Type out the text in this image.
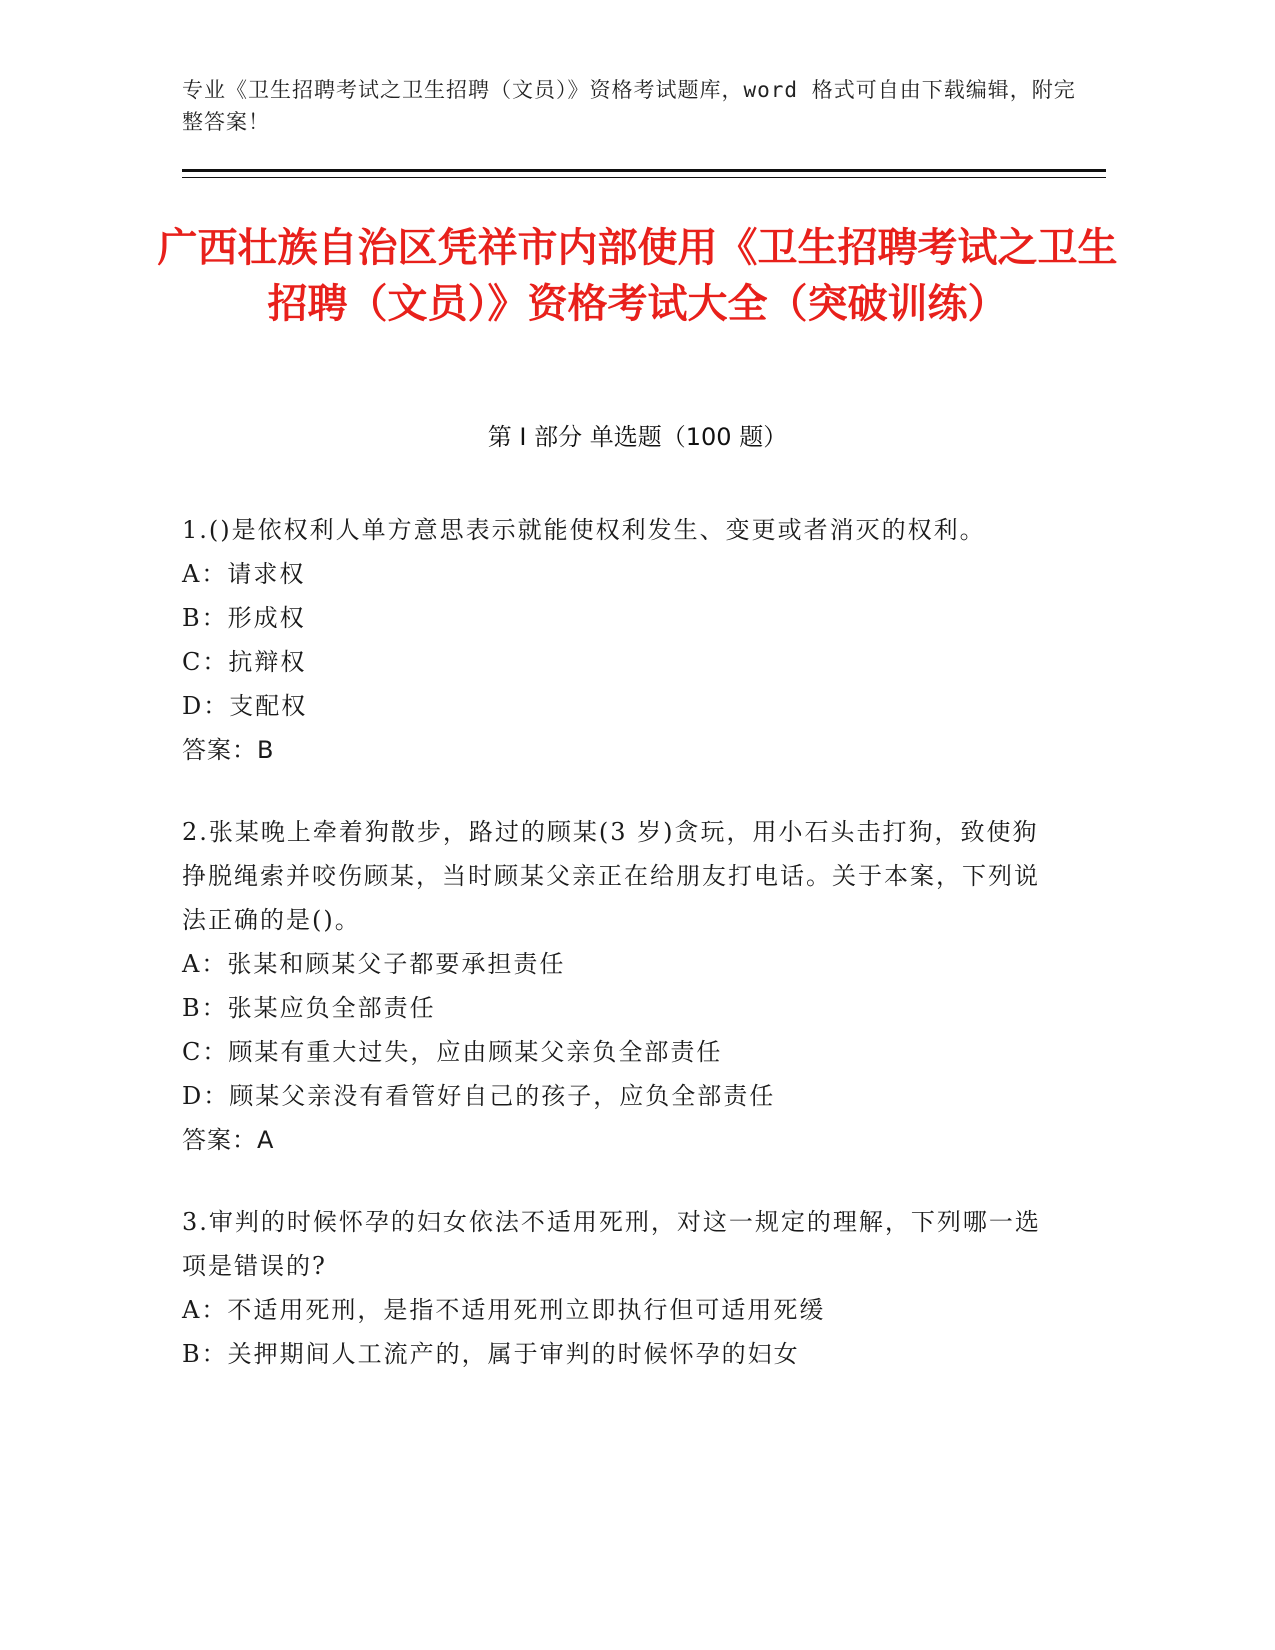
专业《卫生招聘考试之卫生招聘（文员）》资格考试题库，word 格式可自由下载编辑，附完整答案！
广西壮族自治区凭祥市内部使用《卫生招聘考试之卫生招聘（文员）》资格考试大全（突破训练）
第 I 部分 单选题（100 题）
1.()是依权利人单方意思表示就能使权利发生、变更或者消灭的权利。
A：请求权
B：形成权
C：抗辩权
D：支配权
答案：B
2.张某晚上牵着狗散步，路过的顾某(3 岁)贪玩，用小石头击打狗，致使狗挣脱绳索并咬伤顾某，当时顾某父亲正在给朋友打电话。关于本案，下列说法正确的是()。
A：张某和顾某父子都要承担责任
B：张某应负全部责任
C：顾某有重大过失，应由顾某父亲负全部责任
D：顾某父亲没有看管好自己的孩子，应负全部责任
答案：A
3.审判的时候怀孕的妇女依法不适用死刑，对这一规定的理解，下列哪一选项是错误的?
A：不适用死刑，是指不适用死刑立即执行但可适用死缓
B：关押期间人工流产的，属于审判的时候怀孕的妇女
